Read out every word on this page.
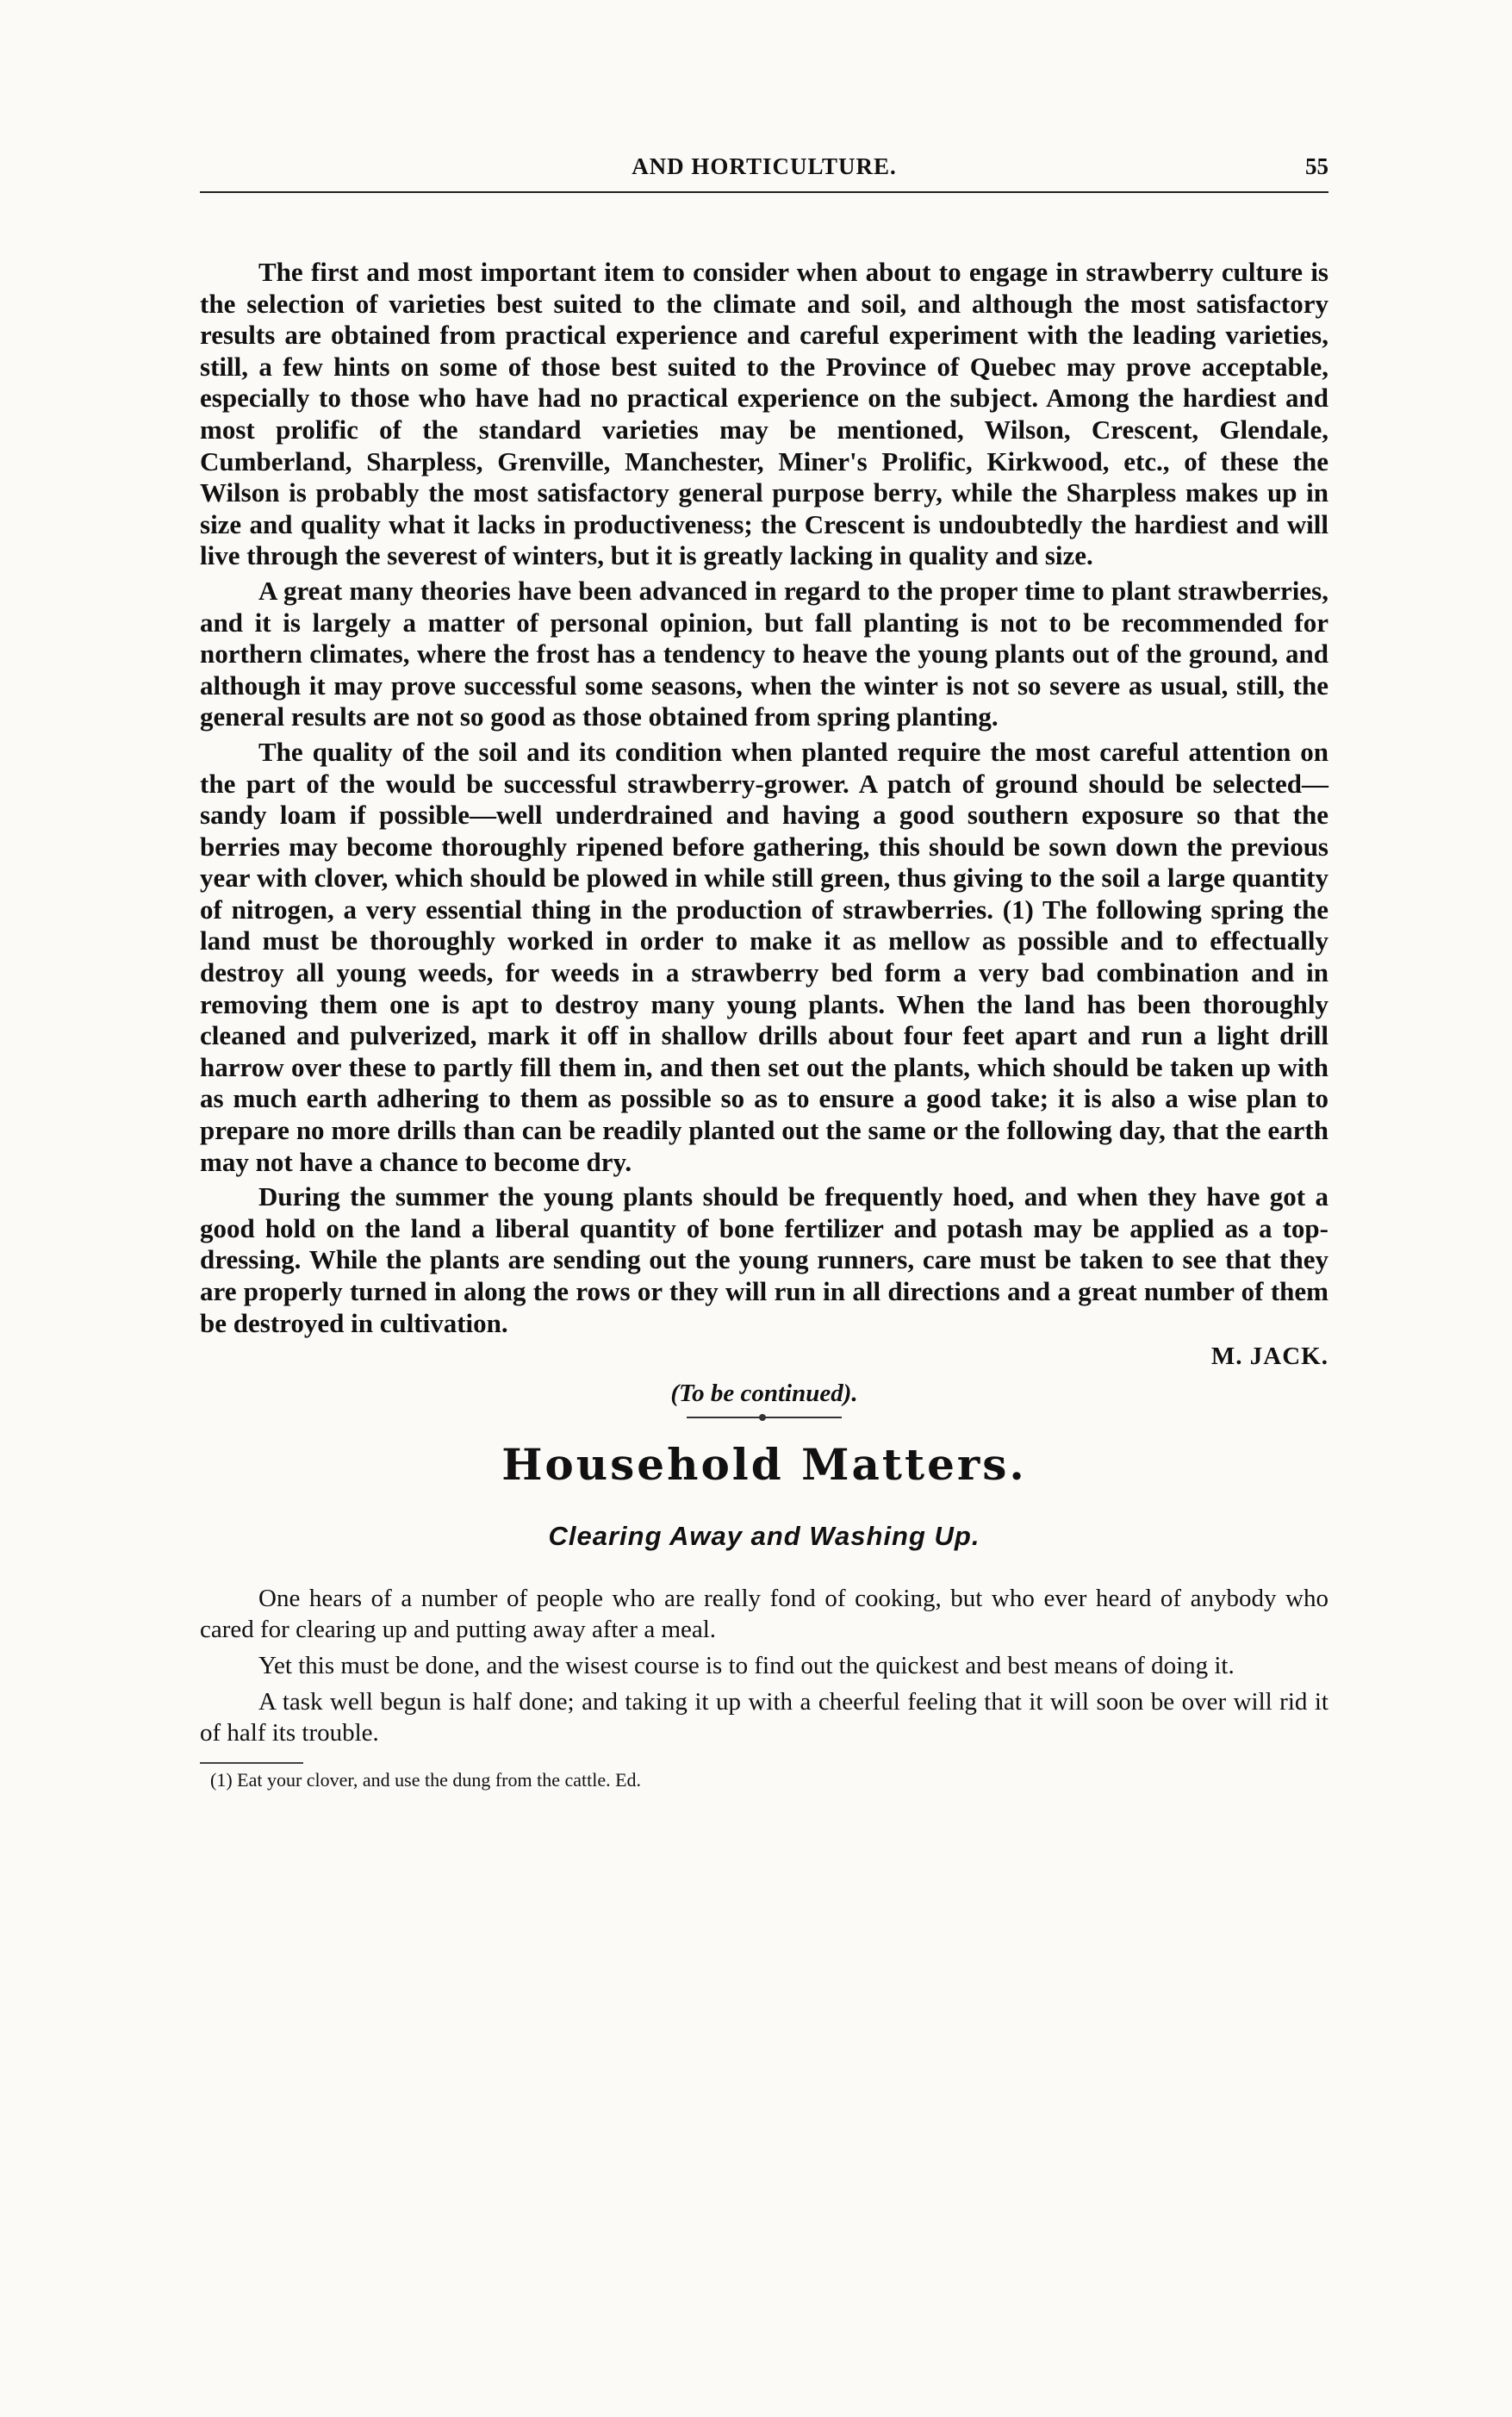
AND HORTICULTURE.	55

The first and most important item to consider when about to engage in strawberry culture is the selection of varieties best suited to the climate and soil, and although the most satisfactory results are obtained from practical experience and careful experiment with the leading varieties, still, a few hints on some of those best suited to the Province of Quebec may prove acceptable, especially to those who have had no practical experience on the subject. Among the hardiest and most prolific of the standard varieties may be mentioned, Wilson, Crescent, Glendale, Cumberland, Sharpless, Grenville, Manchester, Miner's Prolific, Kirkwood, etc., of these the Wilson is probably the most satisfactory general purpose berry, while the Sharpless makes up in size and quality what it lacks in productiveness; the Crescent is undoubtedly the hardiest and will live through the severest of winters, but it is greatly lacking in quality and size.

A great many theories have been advanced in regard to the proper time to plant strawberries, and it is largely a matter of personal opinion, but fall planting is not to be recommended for northern climates, where the frost has a tendency to heave the young plants out of the ground, and although it may prove successful some seasons, when the winter is not so severe as usual, still, the general results are not so good as those obtained from spring planting.

The quality of the soil and its condition when planted require the most careful attention on the part of the would be successful strawberry-grower. A patch of ground should be selected—sandy loam if possible—well underdrained and having a good southern exposure so that the berries may become thoroughly ripened before gathering, this should be sown down the previous year with clover, which should be plowed in while still green, thus giving to the soil a large quantity of nitrogen, a very essential thing in the production of strawberries. (1) The following spring the land must be thoroughly worked in order to make it as mellow as possible and to effectually destroy all young weeds, for weeds in a strawberry bed form a very bad combination and in removing them one is apt to destroy many young plants. When the land has been thoroughly cleaned and pulverized, mark it off in shallow drills about four feet apart and run a light drill harrow over these to partly fill them in, and then set out the plants, which should be taken up with as much earth adhering to them as possible so as to ensure a good take; it is also a wise plan to prepare no more drills than can be readily planted out the same or the following day, that the earth may not have a chance to become dry.

During the summer the young plants should be frequently hoed, and when they have got a good hold on the land a liberal quantity of bone fertilizer and potash may be applied as a top-dressing. While the plants are sending out the young runners, care must be taken to see that they are properly turned in along the rows or they will run in all directions and a great number of them be destroyed in cultivation.

M. JACK.
(To be continued).
Household Matters.
Clearing Away and Washing Up.

One hears of a number of people who are really fond of cooking, but who ever heard of anybody who cared for clearing up and putting away after a meal.

Yet this must be done, and the wisest course is to find out the quickest and best means of doing it.

A task well begun is half done; and taking it up with a cheerful feeling that it will soon be over will rid it of half its trouble.

(1) Eat your clover, and use the dung from the cattle. Ed.
